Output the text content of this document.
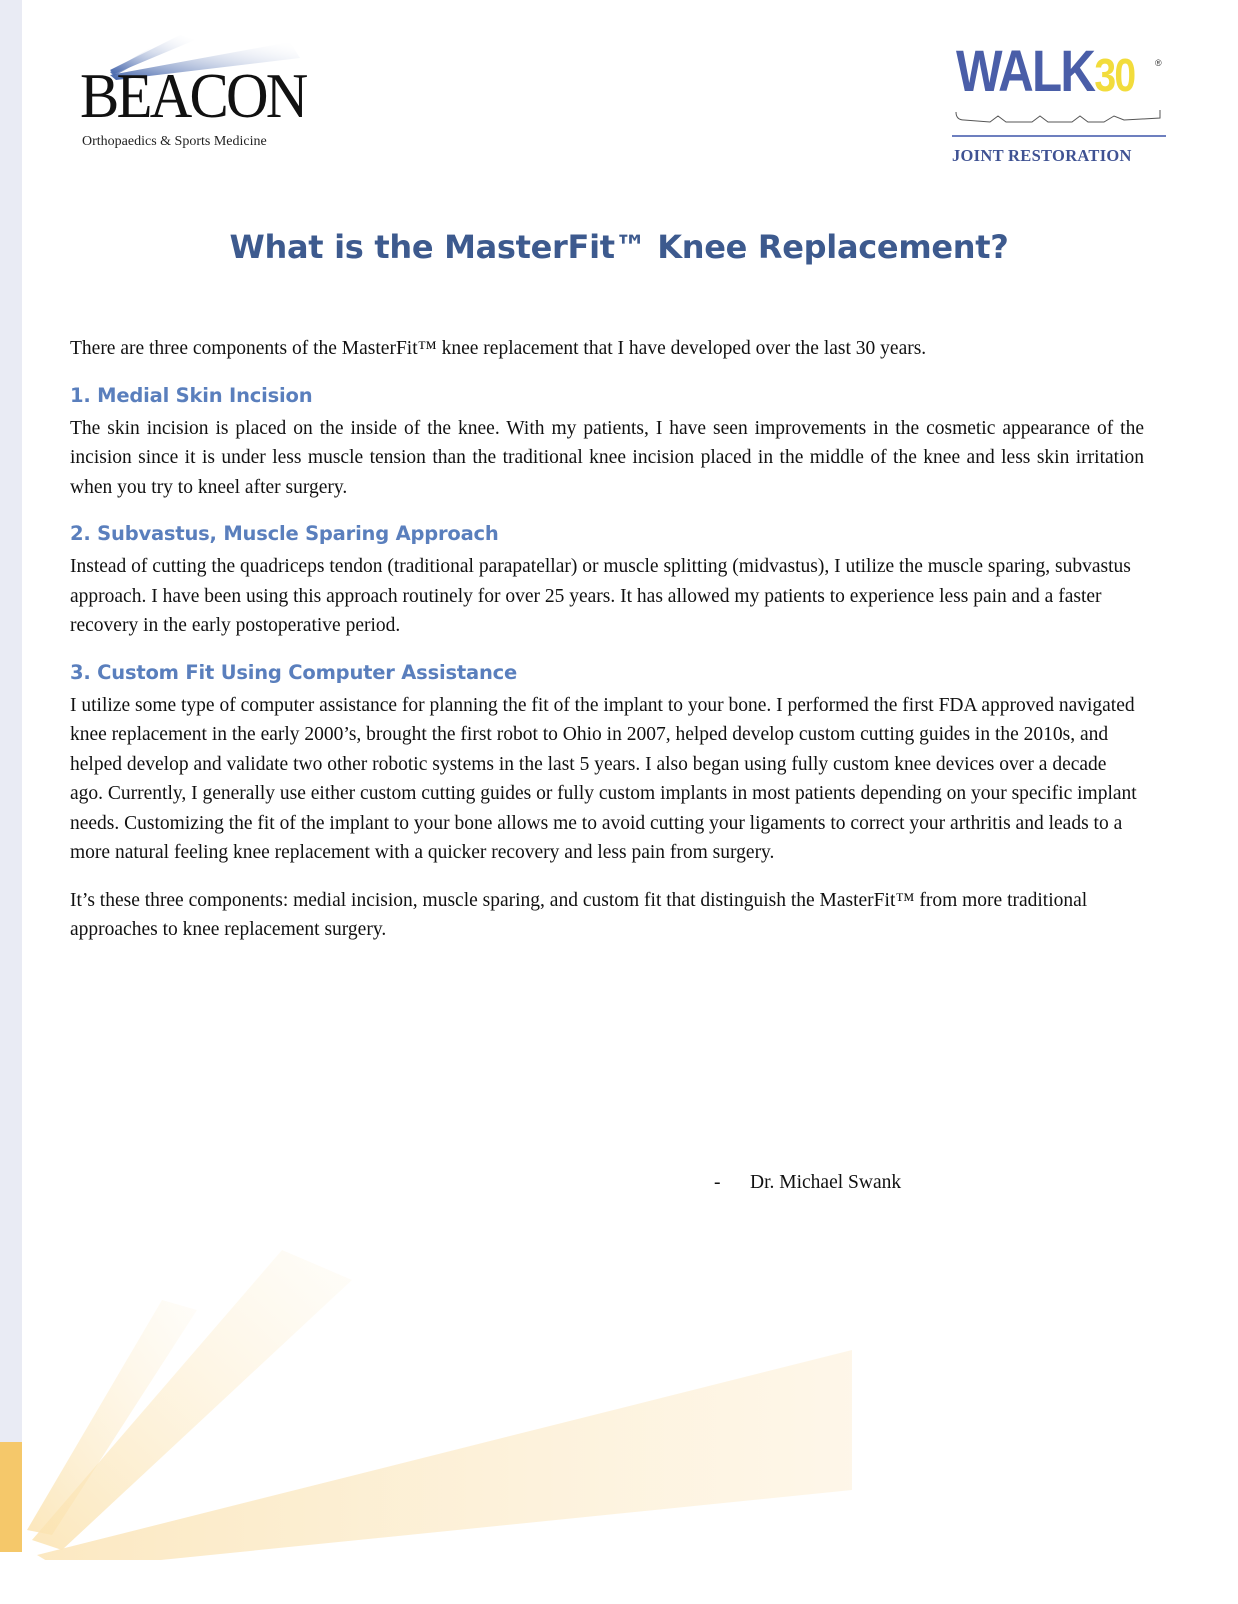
BEACON
Orthopaedics & Sports Medicine
WALK30 ®
JOINT RESTORATION
What is the MasterFit™ Knee Replacement?

There are three components of the MasterFit™ knee replacement that I have developed over the last 30 years.

1. Medial Skin Incision

The skin incision is placed on the inside of the knee. With my patients, I have seen improvements in the cosmetic appearance of the incision since it is under less muscle tension than the traditional knee incision placed in the middle of the knee and less skin irritation when you try to kneel after surgery.

2. Subvastus, Muscle Sparing Approach

Instead of cutting the quadriceps tendon (traditional parapatellar) or muscle splitting (midvastus), I utilize the muscle sparing, subvastus approach. I have been using this approach routinely for over 25 years. It has allowed my patients to experience less pain and a faster recovery in the early postoperative period.

3. Custom Fit Using Computer Assistance

I utilize some type of computer assistance for planning the fit of the implant to your bone. I performed the first FDA approved navigated knee replacement in the early 2000’s, brought the first robot to Ohio in 2007, helped develop custom cutting guides in the 2010s, and helped develop and validate two other robotic systems in the last 5 years. I also began using fully custom knee devices over a decade ago. Currently, I generally use either custom cutting guides or fully custom implants in most patients depending on your specific implant needs. Customizing the fit of the implant to your bone allows me to avoid cutting your ligaments to correct your arthritis and leads to a more natural feeling knee replacement with a quicker recovery and less pain from surgery.

It’s these three components: medial incision, muscle sparing, and custom fit that distinguish the MasterFit™ from more traditional approaches to knee replacement surgery.

- Dr. Michael Swank
